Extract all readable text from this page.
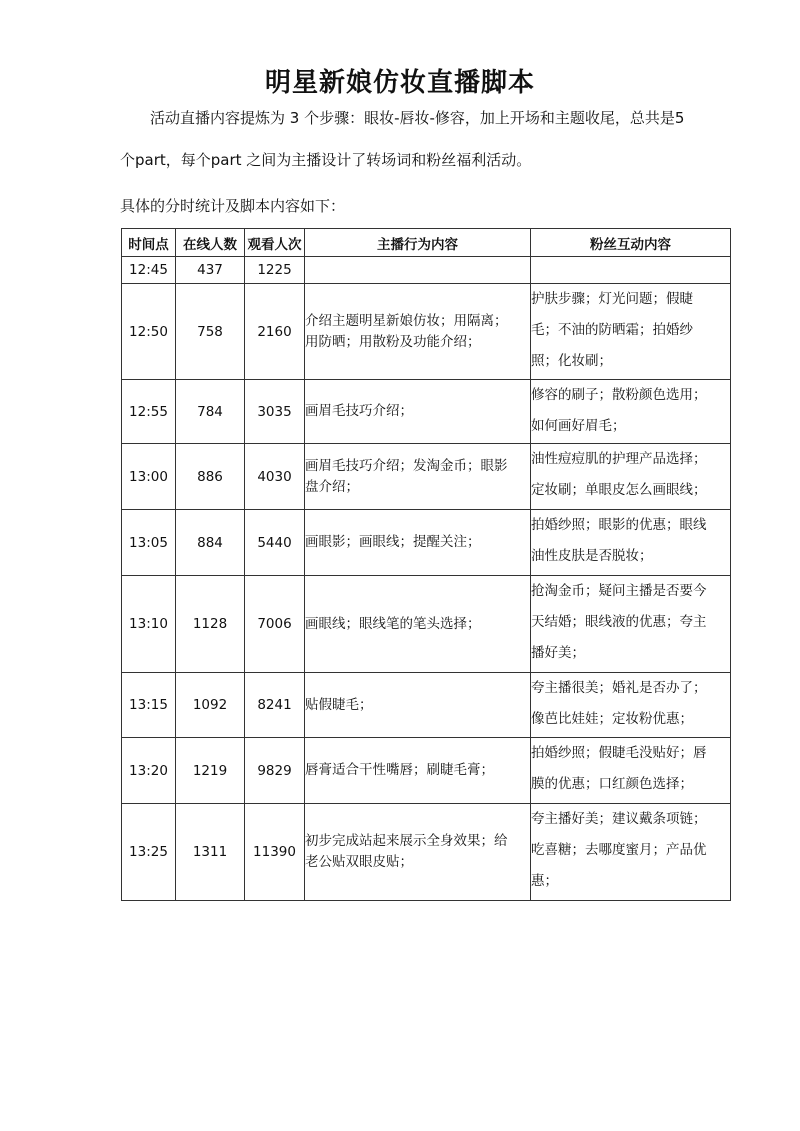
明星新娘仿妆直播脚本
活动直播内容提炼为 3 个步骤：眼妆-唇妆-修容，加上开场和主题收尾，总共是5
个part，每个part 之间为主播设计了转场词和粉丝福利活动。
具体的分时统计及脚本内容如下：
时间点	在线人数	观看人次	主播行为内容	粉丝互动内容
12:45	437	1225		
12:50	758	2160	介绍主题明星新娘仿妆；用隔离；
用防晒；用散粉及功能介绍；	护肤步骤；灯光问题；假睫
毛；不油的防晒霜；拍婚纱
照；化妆刷；

12:55	784	3035	画眉毛技巧介绍；	修容的刷子；散粉颜色选用；
如何画好眉毛；

13:00	886	4030	画眉毛技巧介绍；发淘金币；眼影
盘介绍；	油性痘痘肌的护理产品选择；
定妆刷；单眼皮怎么画眼线；

13:05	884	5440	画眼影；画眼线；提醒关注；	拍婚纱照；眼影的优惠；眼线
油性皮肤是否脱妆；

13:10	1128	7006	画眼线；眼线笔的笔头选择；	抢淘金币；疑问主播是否要今
天结婚；眼线液的优惠；夸主
播好美；

13:15	1092	8241	贴假睫毛；	夸主播很美；婚礼是否办了；
像芭比娃娃；定妆粉优惠；

13:20	1219	9829	唇膏适合干性嘴唇；刷睫毛膏；	拍婚纱照；假睫毛没贴好；唇
膜的优惠；口红颜色选择；

13:25	1311	11390	初步完成站起来展示全身效果；给
老公贴双眼皮贴；	夸主播好美；建议戴条项链；
吃喜糖；去哪度蜜月；产品优
惠；
